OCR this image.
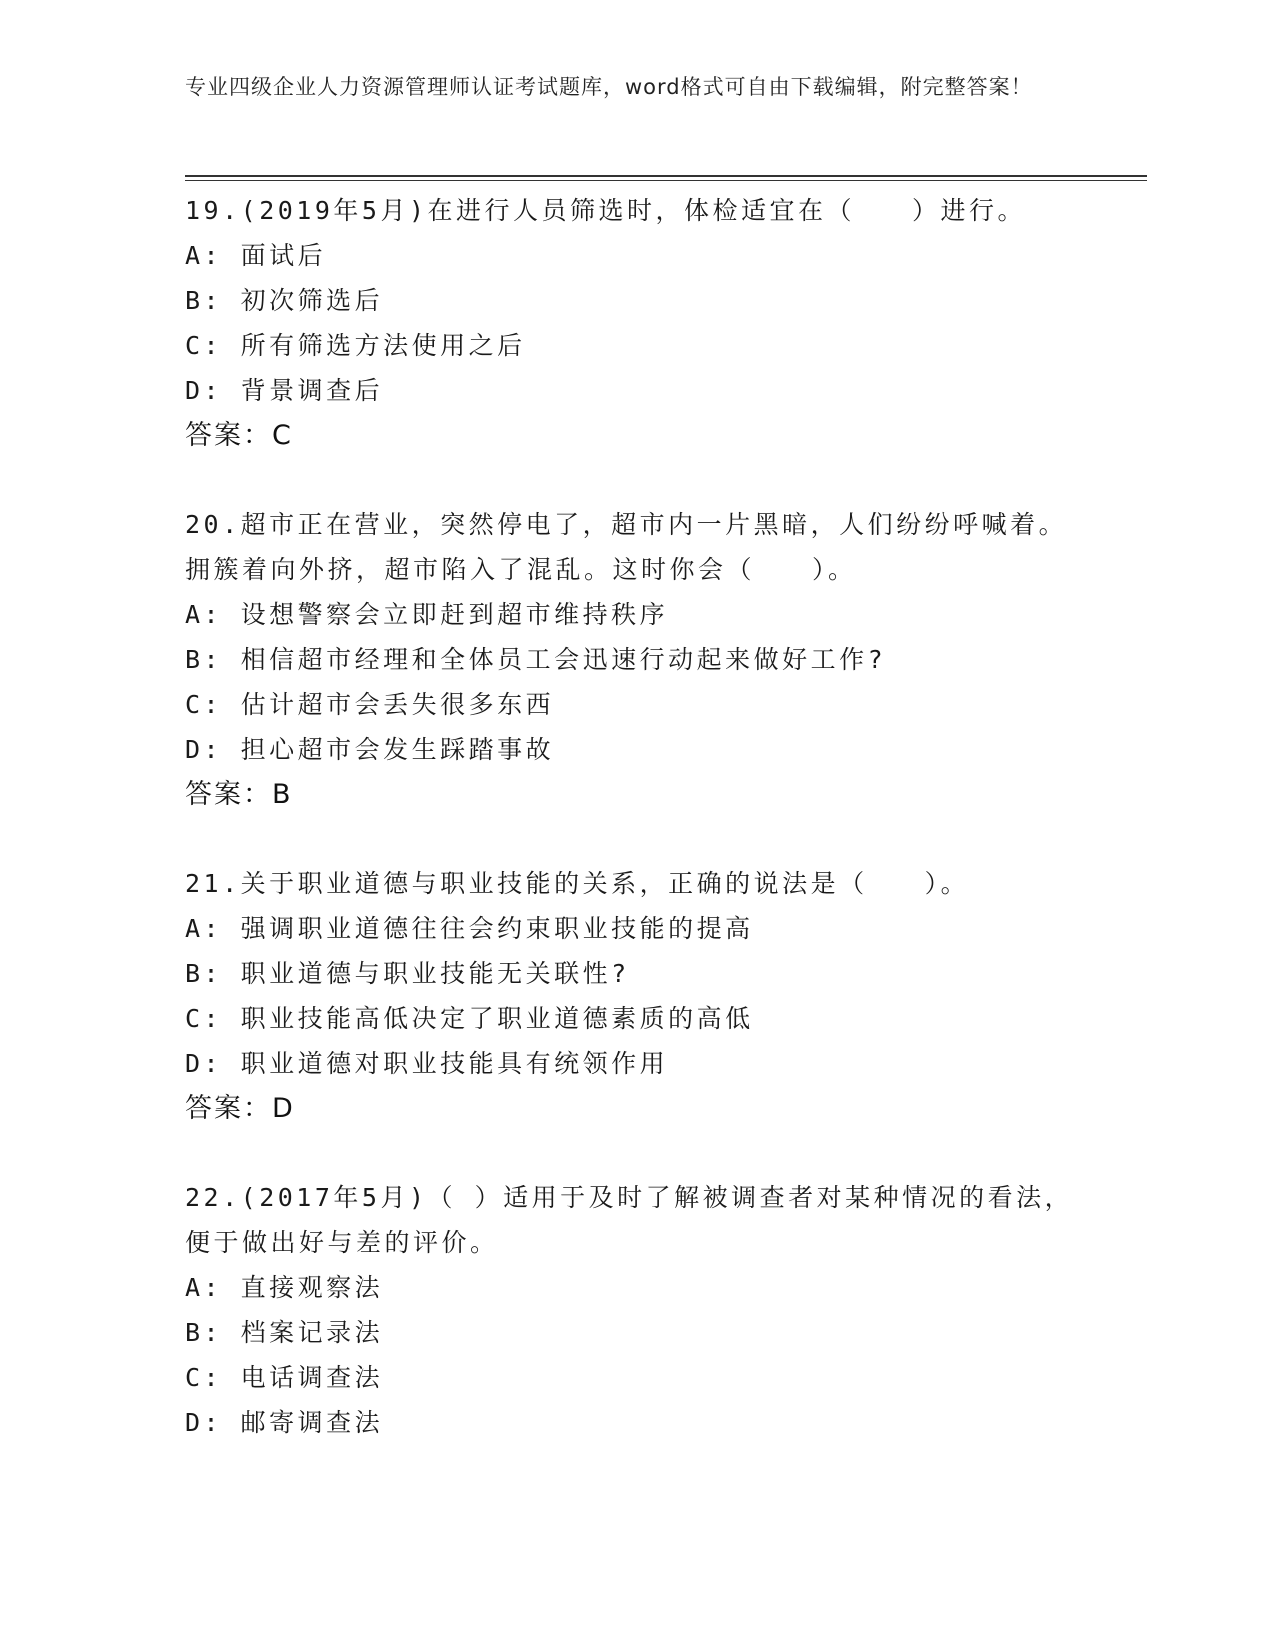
专业四级企业人力资源管理师认证考试题库，word格式可自由下载编辑，附完整答案！
19.(2019年5月)在进行人员筛选时，体检适宜在（　　）进行。
A: 面试后
B: 初次筛选后
C: 所有筛选方法使用之后
D: 背景调查后
答案：C
20.超市正在营业，突然停电了，超市内一片黑暗，人们纷纷呼喊着。拥簇着向外挤，超市陷入了混乱。这时你会（　　）。
A: 设想警察会立即赶到超市维持秩序
B: 相信超市经理和全体员工会迅速行动起来做好工作?
C: 估计超市会丢失很多东西
D: 担心超市会发生踩踏事故
答案：B
21.关于职业道德与职业技能的关系，正确的说法是（　　）。
A: 强调职业道德往往会约束职业技能的提高
B: 职业道德与职业技能无关联性?
C: 职业技能高低决定了职业道德素质的高低
D: 职业道德对职业技能具有统领作用
答案：D
22.(2017年5月)（ ）适用于及时了解被调查者对某种情况的看法，便于做出好与差的评价。
A: 直接观察法
B: 档案记录法
C: 电话调查法
D: 邮寄调查法
